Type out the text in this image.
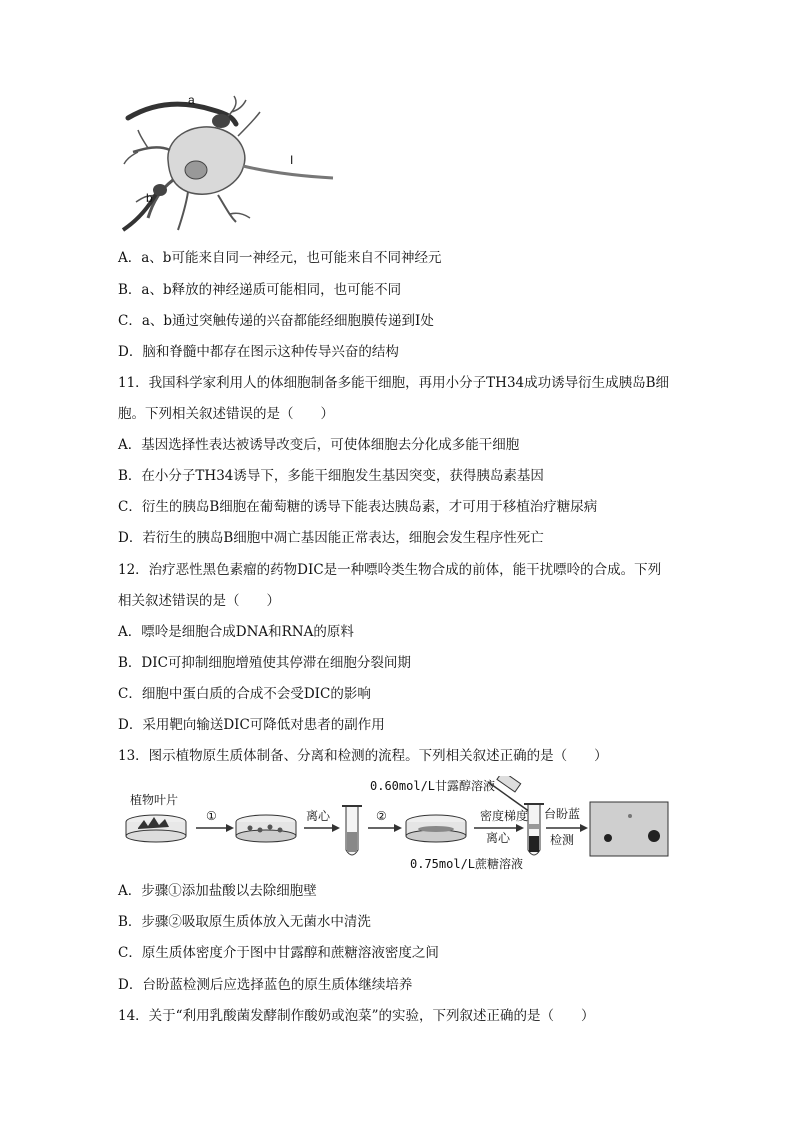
a
b
I
A．a、b可能来自同一神经元，也可能来自不同神经元
B．a、b释放的神经递质可能相同，也可能不同
C．a、b通过突触传递的兴奋都能经细胞膜传递到Ⅰ处
D．脑和脊髓中都存在图示这种传导兴奋的结构
11．我国科学家利用人的体细胞制备多能干细胞，再用小分子TH34成功诱导衍生成胰岛B细
胞。下列相关叙述错误的是（　　）
A．基因选择性表达被诱导改变后，可使体细胞去分化成多能干细胞
B．在小分子TH34诱导下，多能干细胞发生基因突变，获得胰岛素基因
C．衍生的胰岛B细胞在葡萄糖的诱导下能表达胰岛素，才可用于移植治疗糖尿病
D．若衍生的胰岛B细胞中凋亡基因能正常表达，细胞会发生程序性死亡
12．治疗恶性黑色素瘤的药物DIC是一种嘌呤类生物合成的前体，能干扰嘌呤的合成。下列
相关叙述错误的是（　　）
A．嘌呤是细胞合成DNA和RNA的原料
B．DIC可抑制细胞增殖使其停滞在细胞分裂间期
C．细胞中蛋白质的合成不会受DIC的影响
D．采用靶向输送DIC可降低对患者的副作用
13．图示植物原生质体制备、分离和检测的流程。下列相关叙述正确的是（　　）
植物叶片
①	离心	②
0.60mol/L甘露醇溶液
密度梯度
离心
0.75mol/L蔗糖溶液
台盼蓝
检测
A．步骤①添加盐酸以去除细胞壁
B．步骤②吸取原生质体放入无菌水中清洗
C．原生质体密度介于图中甘露醇和蔗糖溶液密度之间
D．台盼蓝检测后应选择蓝色的原生质体继续培养
14．关于“利用乳酸菌发酵制作酸奶或泡菜”的实验，下列叙述正确的是（　　）
